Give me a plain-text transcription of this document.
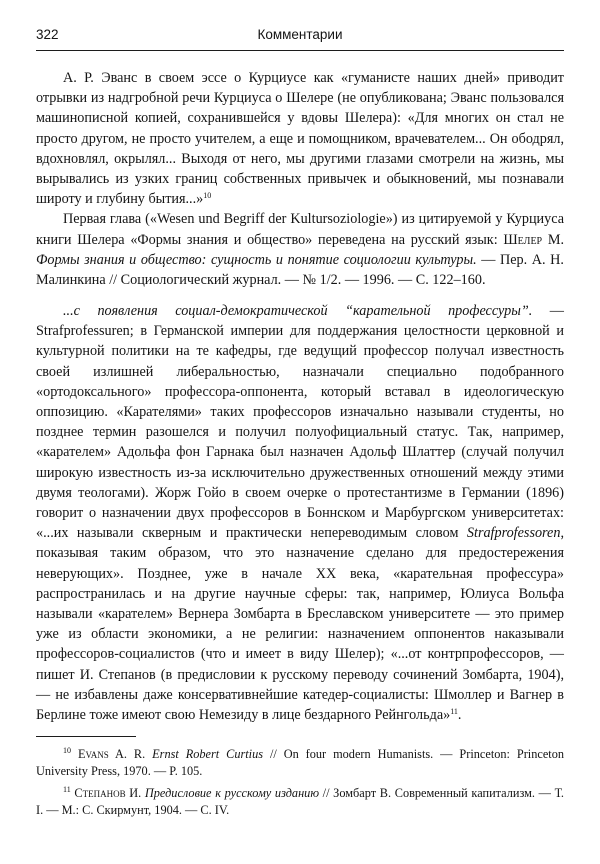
322	Комментарии

А. Р. Эванс в своем эссе о Курциусе как «гуманисте наших дней» приводит отрывки из надгробной речи Курциуса о Шелере (не опубликована; Эванс пользовался машинописной копией, сохранившейся у вдовы Шелера): «Для многих он стал не просто другом, не просто учителем, а еще и помощником, врачевателем... Он ободрял, вдохновлял, окрылял... Выходя от него, мы другими глазами смотрели на жизнь, мы вырывались из узких границ собственных привычек и обыкновений, мы познавали широту и глубину бытия...»$^{10}$

Первая глава («Wesen und Begriff der Kultursoziologie») из цитируемой у Курциуса книги Шелера «Формы знания и общество» переведена на русский язык: Шелер М. Формы знания и общество: сущность и понятие социологии культуры. — Пер. А. Н. Малинкина // Социологический журнал. — № 1/2. — 1996. — С. 122–160.

...с появления социал-демократической “карательной профессуры”. — Strafprofessuren; в Германской империи для поддержания целостности церковной и культурной политики на те кафедры, где ведущий профессор получал известность своей излишней либеральностью, назначали специально подобранного «ортодоксального» профессора-оппонента, который вставал в идеологическую оппозицию. «Карателями» таких профессоров изначально называли студенты, но позднее термин разошелся и получил полуофициальный статус. Так, например, «карателем» Адольфа фон Гарнака был назначен Адольф Шлаттер (случай получил широкую известность из-за исключительно дружественных отношений между этими двумя теологами). Жорж Гойо в своем очерке о протестантизме в Германии (1896) говорит о назначении двух профессоров в Боннском и Марбургском университетах: «...их называли скверным и практически непереводимым словом Strafprofessoren, показывая таким образом, что это назначение сделано для предостережения неверующих». Позднее, уже в начале XX века, «карательная профессура» распространилась и на другие научные сферы: так, например, Юлиуса Вольфа называли «карателем» Вернера Зомбарта в Бреславском университете — это пример уже из области экономики, а не религии: назначением оппонентов наказывали профессоров-социалистов (что и имеет в виду Шелер); «...от контрпрофессоров, — пишет И. Степанов (в предисловии к русскому переводу сочинений Зомбарта, 1904), — не избавлены даже консервативнейшие катедер-социалисты: Шмоллер и Вагнер в Берлине тоже имеют свою Немезиду в лице бездарного Рейнгольда»$^{11}$.

$^{10}$ Evans A. R. Ernst Robert Curtius // On four modern Humanists. — Princeton: Princeton University Press, 1970. — P. 105.

$^{11}$ Степанов И. Предисловие к русскому изданию // Зомбарт В. Современный капитализм. — Т. I. — М.: С. Скирмунт, 1904. — С. IV.
